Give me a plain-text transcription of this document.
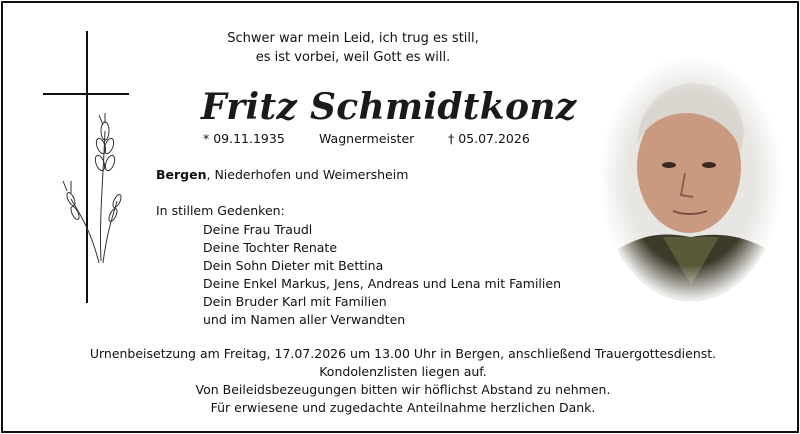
Schwer war mein Leid, ich trug es still,
es ist vorbei, weil Gott es will.
Fritz Schmidtkonz
* 09.11.1935	Wagnermeister	† 05.07.2026
Bergen, Niederhofen und Weimersheim
In stillem Gedenken:
Deine Frau Traudl
Deine Tochter Renate
Dein Sohn Dieter mit Bettina
Deine Enkel Markus, Jens, Andreas und Lena mit Familien
Dein Bruder Karl mit Familien
und im Namen aller Verwandten
Urnenbeisetzung am Freitag, 17.07.2026 um 13.00 Uhr in Bergen, anschließend Trauergottesdienst.
Kondolenzlisten liegen auf.
Von Beileidsbezeugungen bitten wir höflichst Abstand zu nehmen.
Für erwiesene und zugedachte Anteilnahme herzlichen Dank.
